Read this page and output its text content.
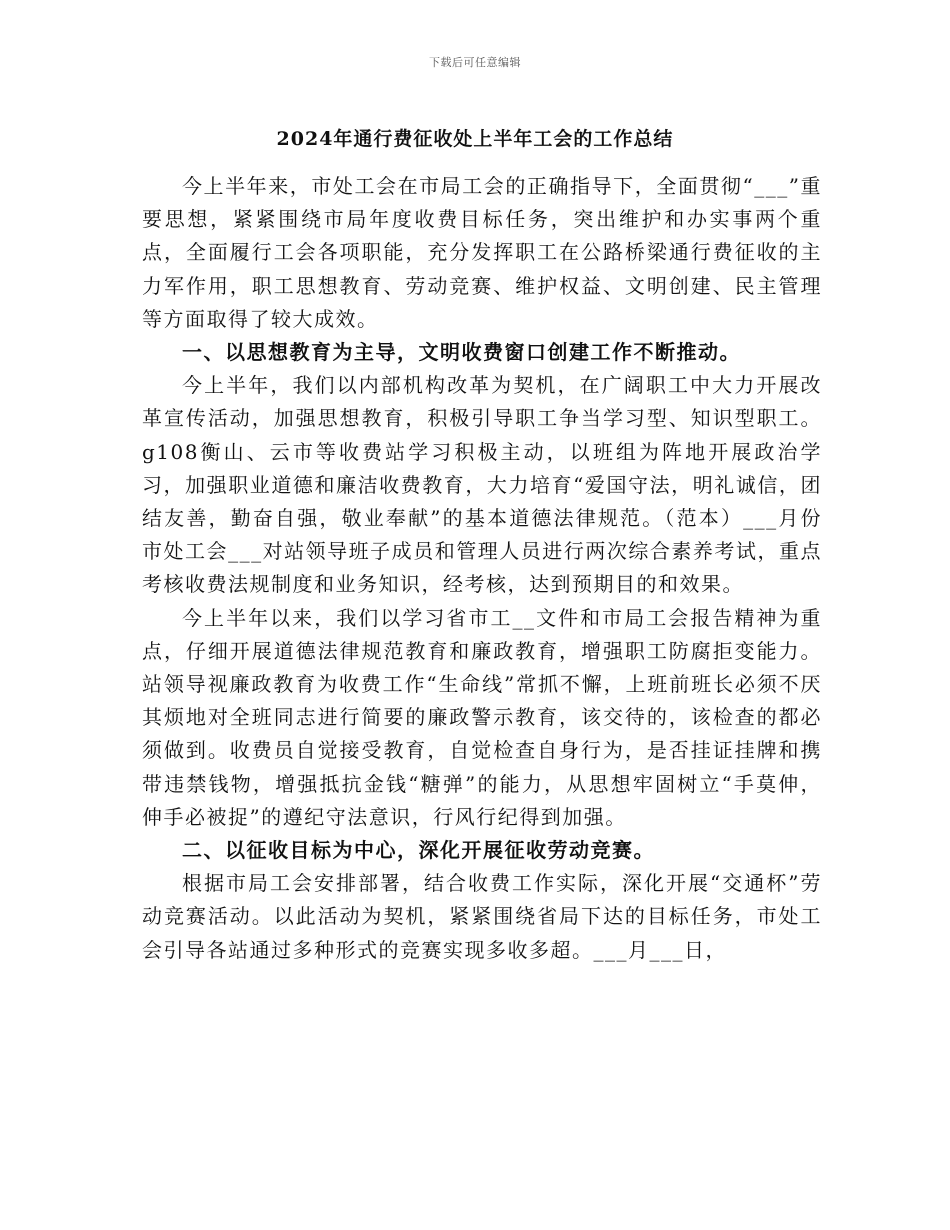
下载后可任意编辑
2024年通行费征收处上半年工会的工作总结

今上半年来，市处工会在市局工会的正确指导下，全面贯彻“___”重要思想，紧紧围绕市局年度收费目标任务，突出维护和办实事两个重点，全面履行工会各项职能，充分发挥职工在公路桥梁通行费征收的主力军作用，职工思想教育、劳动竞赛、维护权益、文明创建、民主管理等方面取得了较大成效。

一、以思想教育为主导，文明收费窗口创建工作不断推动。

今上半年，我们以内部机构改革为契机，在广阔职工中大力开展改革宣传活动，加强思想教育，积极引导职工争当学习型、知识型职工。g108衡山、云市等收费站学习积极主动，以班组为阵地开展政治学习，加强职业道德和廉洁收费教育，大力培育“爱国守法，明礼诚信，团结友善，勤奋自强，敬业奉献”的基本道德法律规范。（范本）___月份市处工会___对站领导班子成员和管理人员进行两次综合素养考试，重点考核收费法规制度和业务知识，经考核，达到预期目的和效果。

今上半年以来，我们以学习省市工__文件和市局工会报告精神为重点，仔细开展道德法律规范教育和廉政教育，增强职工防腐拒变能力。站领导视廉政教育为收费工作“生命线”常抓不懈，上班前班长必须不厌其烦地对全班同志进行简要的廉政警示教育，该交待的，该检查的都必须做到。收费员自觉接受教育，自觉检查自身行为，是否挂证挂牌和携带违禁钱物，增强抵抗金钱“糖弹”的能力，从思想牢固树立“手莫伸，伸手必被捉”的遵纪守法意识，行风行纪得到加强。

二、以征收目标为中心，深化开展征收劳动竞赛。

根据市局工会安排部署，结合收费工作实际，深化开展“交通杯”劳动竞赛活动。以此活动为契机，紧紧围绕省局下达的目标任务，市处工会引导各站通过多种形式的竞赛实现多收多超。___月___日，
